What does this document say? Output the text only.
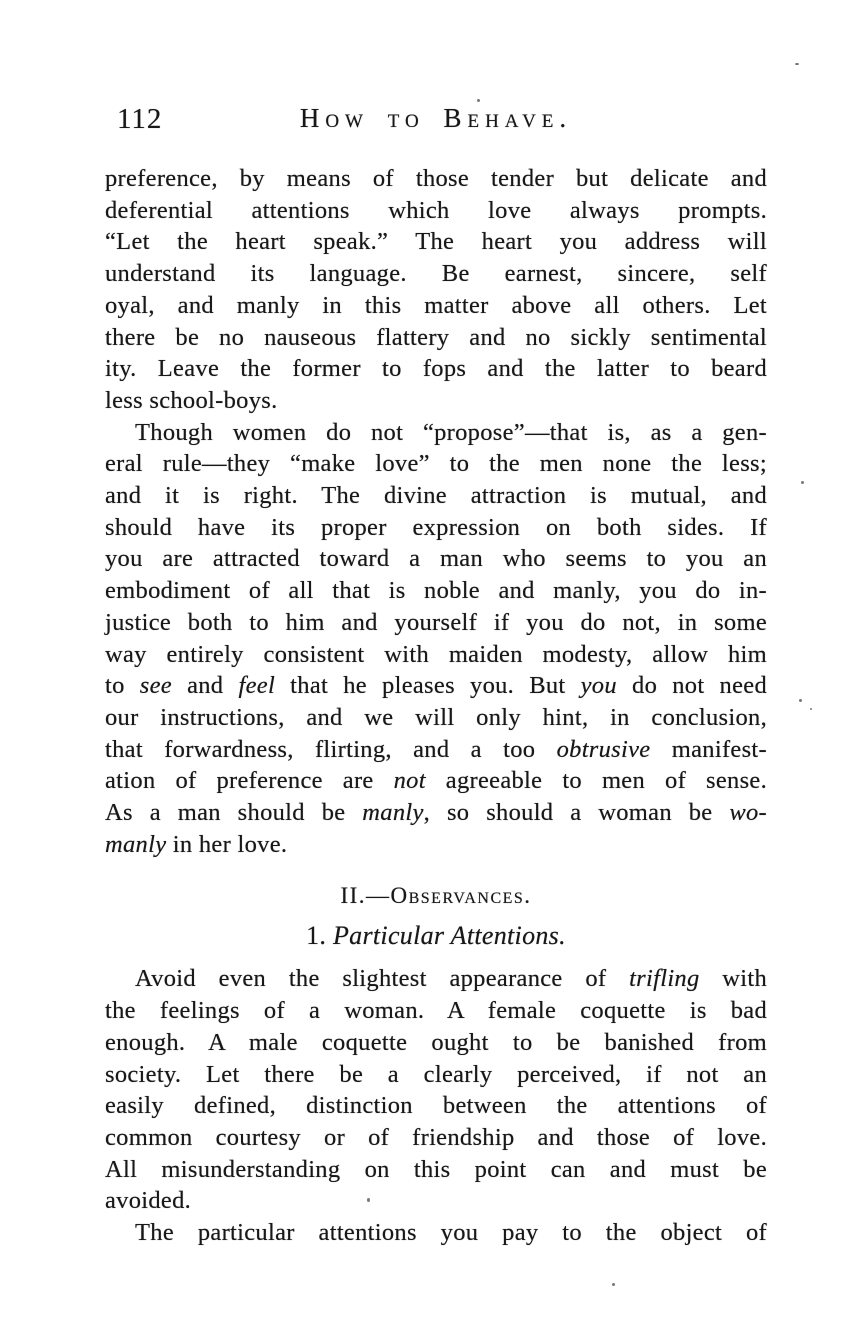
112	How to Behave.
preference, by means of those tender but delicate and
deferential attentions which love always prompts.
“Let the heart speak.” The heart you address will
understand its language. Be earnest, sincere, self
oyal, and manly in this matter above all others. Let
there be no nauseous flattery and no sickly sentimental
ity. Leave the former to fops and the latter to beard
less school-boys.
Though women do not “propose”—that is, as a gen-
eral rule—they “make love” to the men none the less;
and it is right. The divine attraction is mutual, and
should have its proper expression on both sides. If
you are attracted toward a man who seems to you an
embodiment of all that is noble and manly, you do in-
justice both to him and yourself if you do not, in some
way entirely consistent with maiden modesty, allow him
to see and feel that he pleases you. But you do not need
our instructions, and we will only hint, in conclusion,
that forwardness, flirting, and a too obtrusive manifest-
ation of preference are not agreeable to men of sense.
As a man should be manly, so should a woman be wo-
manly in her love.
II.—Observances.
1. Particular Attentions.
Avoid even the slightest appearance of trifling with
the feelings of a woman. A female coquette is bad
enough. A male coquette ought to be banished from
society. Let there be a clearly perceived, if not an
easily defined, distinction between the attentions of
common courtesy or of friendship and those of love.
All misunderstanding on this point can and must be
avoided.
The particular attentions you pay to the object of
